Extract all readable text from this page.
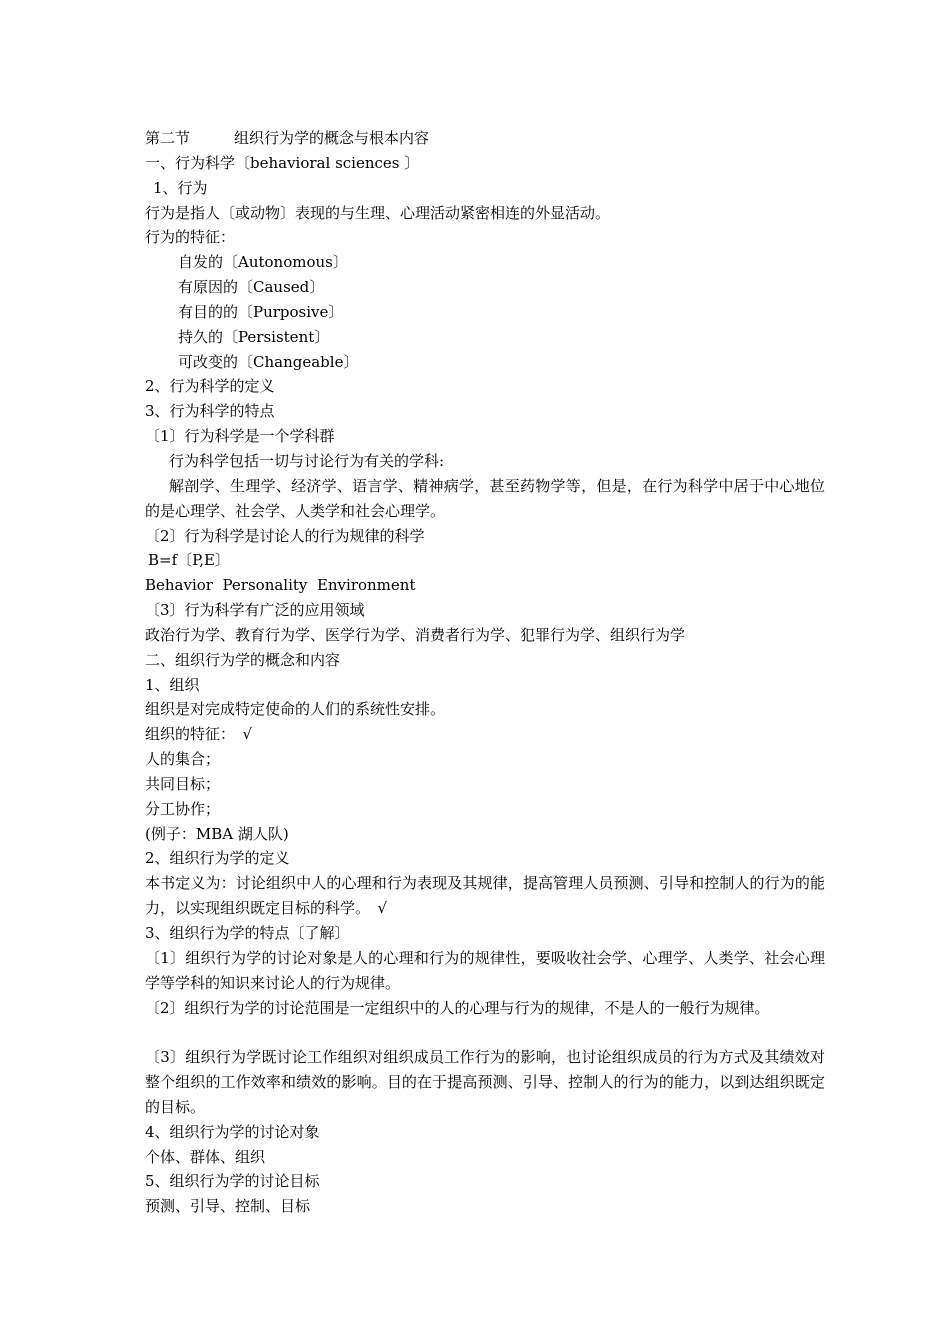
第二节	组织行为学的概念与根本内容
一、行为科学〔behavioral sciences 〕
1、行为
行为是指人〔或动物〕表现的与生理、心理活动紧密相连的外显活动。
行为的特征：
自发的〔Autonomous〕
有原因的〔Caused〕
有目的的〔Purposive〕
持久的〔Persistent〕
可改变的〔Changeable〕
2、行为科学的定义
3、行为科学的特点
〔1〕行为科学是一个学科群
行为科学包括一切与讨论行为有关的学科:
解剖学、生理学、经济学、语言学、精神病学，甚至药物学等，但是，在行为科学中居于中心地位的是心理学、社会学、人类学和社会心理学。
〔2〕行为科学是讨论人的行为规律的科学
B=f〔P,E〕
Behavior  Personality  Environment
〔3〕行为科学有广泛的应用领域
政治行为学、教育行为学、医学行为学、消费者行为学、犯罪行为学、组织行为学
二、组织行为学的概念和内容
1、组织
组织是对完成特定使命的人们的系统性安排。
组织的特征：　√
人的集合；
共同目标；
分工协作；
(例子：MBA 湖人队)
2、组织行为学的定义
本书定义为：讨论组织中人的心理和行为表现及其规律，提高管理人员预测、引导和控制人的行为的能力，以实现组织既定目标的科学。　√
3、组织行为学的特点〔了解〕
〔1〕组织行为学的讨论对象是人的心理和行为的规律性，要吸收社会学、心理学、人类学、社会心理学等学科的知识来讨论人的行为规律。
〔2〕组织行为学的讨论范围是一定组织中的人的心理与行为的规律，不是人的一般行为规律。
〔3〕组织行为学既讨论工作组织对组织成员工作行为的影响，也讨论组织成员的行为方式及其绩效对整个组织的工作效率和绩效的影响。目的在于提高预测、引导、控制人的行为的能力，以到达组织既定的目标。
4、组织行为学的讨论对象
个体、群体、组织
5、组织行为学的讨论目标
预测、引导、控制、目标
